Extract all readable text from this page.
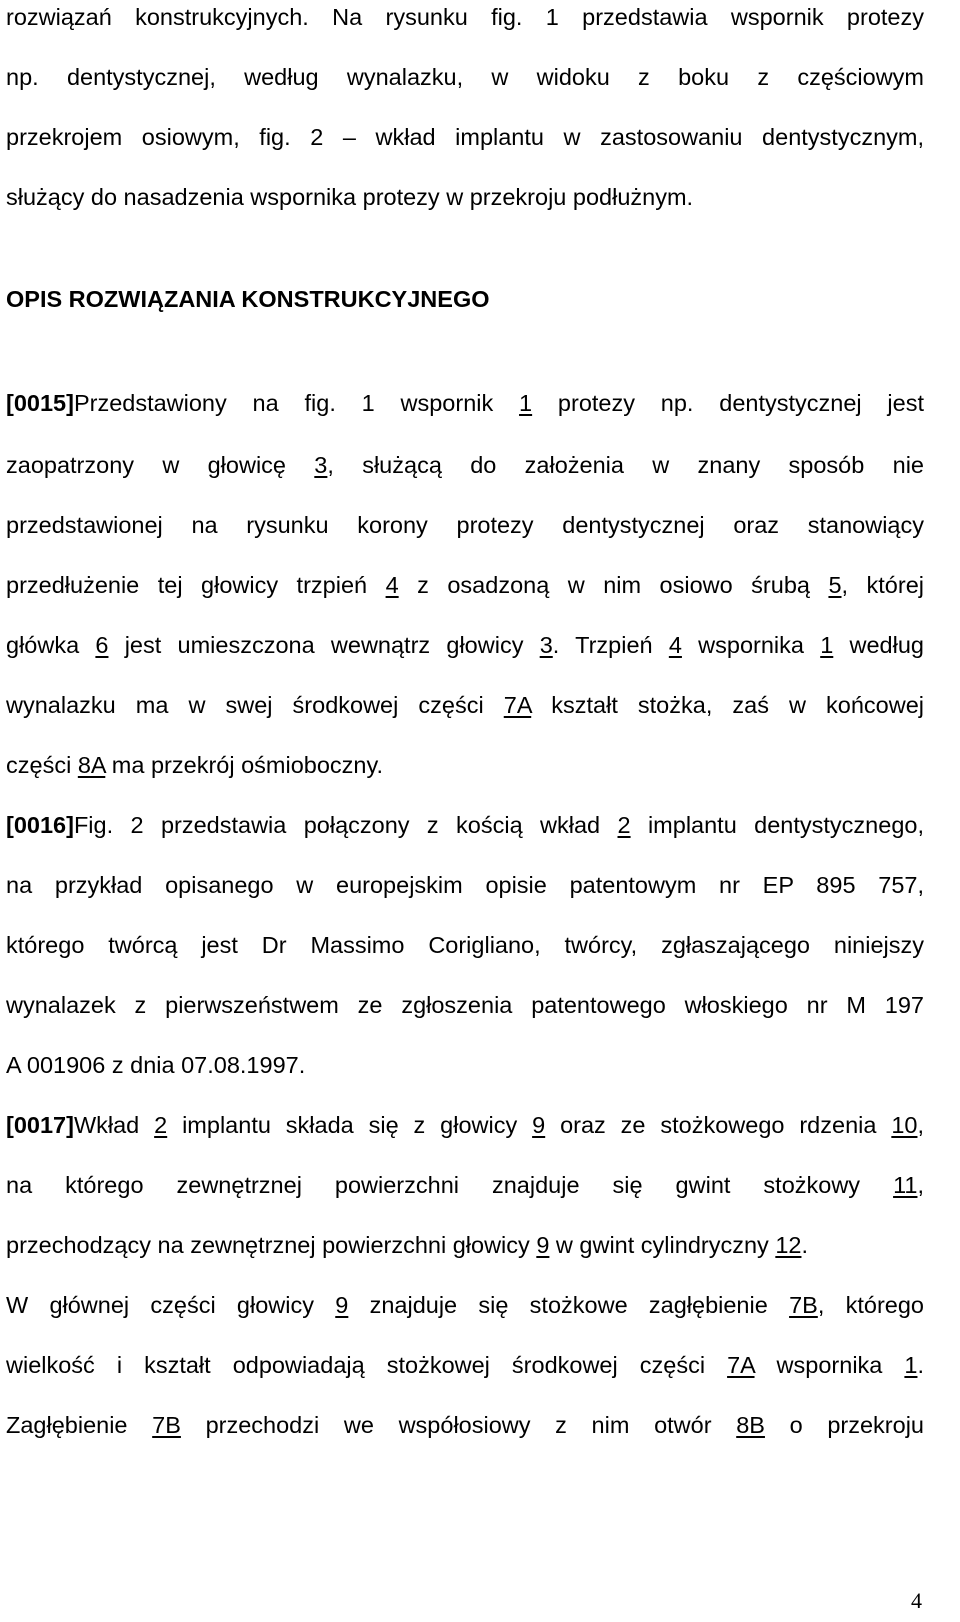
rozwiązań konstrukcyjnych. Na rysunku fig. 1 przedstawia wspornik protezy
np. dentystycznej, według wynalazku, w widoku z boku z częściowym
przekrojem osiowym, fig. 2 – wkład implantu w zastosowaniu dentystycznym,
służący do nasadzenia wspornika protezy w przekroju podłużnym.
OPIS ROZWIĄZANIA KONSTRUKCYJNEGO
[0015]Przedstawiony na fig. 1 wspornik 1 protezy np. dentystycznej jest
zaopatrzony w głowicę 3, służącą do założenia w znany sposób nie
przedstawionej na rysunku korony protezy dentystycznej oraz stanowiący
przedłużenie tej głowicy trzpień 4 z osadzoną w nim osiowo śrubą 5, której
główka 6 jest umieszczona wewnątrz głowicy 3. Trzpień 4 wspornika 1 według
wynalazku ma w swej środkowej części 7A kształt stożka, zaś w końcowej
części 8A ma przekrój ośmioboczny.
[0016]Fig. 2 przedstawia połączony z kością wkład 2 implantu dentystycznego,
na przykład opisanego w europejskim opisie patentowym nr EP 895 757,
którego twórcą jest Dr Massimo Corigliano, twórcy, zgłaszającego niniejszy
wynalazek z pierwszeństwem ze zgłoszenia patentowego włoskiego nr M 197
A 001906 z dnia 07.08.1997.
[0017]Wkład 2 implantu składa się z głowicy 9 oraz ze stożkowego rdzenia 10,
na którego zewnętrznej powierzchni znajduje się gwint stożkowy 11,
przechodzący na zewnętrznej powierzchni głowicy 9 w gwint cylindryczny 12.
W głównej części głowicy 9 znajduje się stożkowe zagłębienie 7B, którego
wielkość i kształt odpowiadają stożkowej środkowej części 7A wspornika 1.
Zagłębienie 7B przechodzi we współosiowy z nim otwór 8B o przekroju
4
